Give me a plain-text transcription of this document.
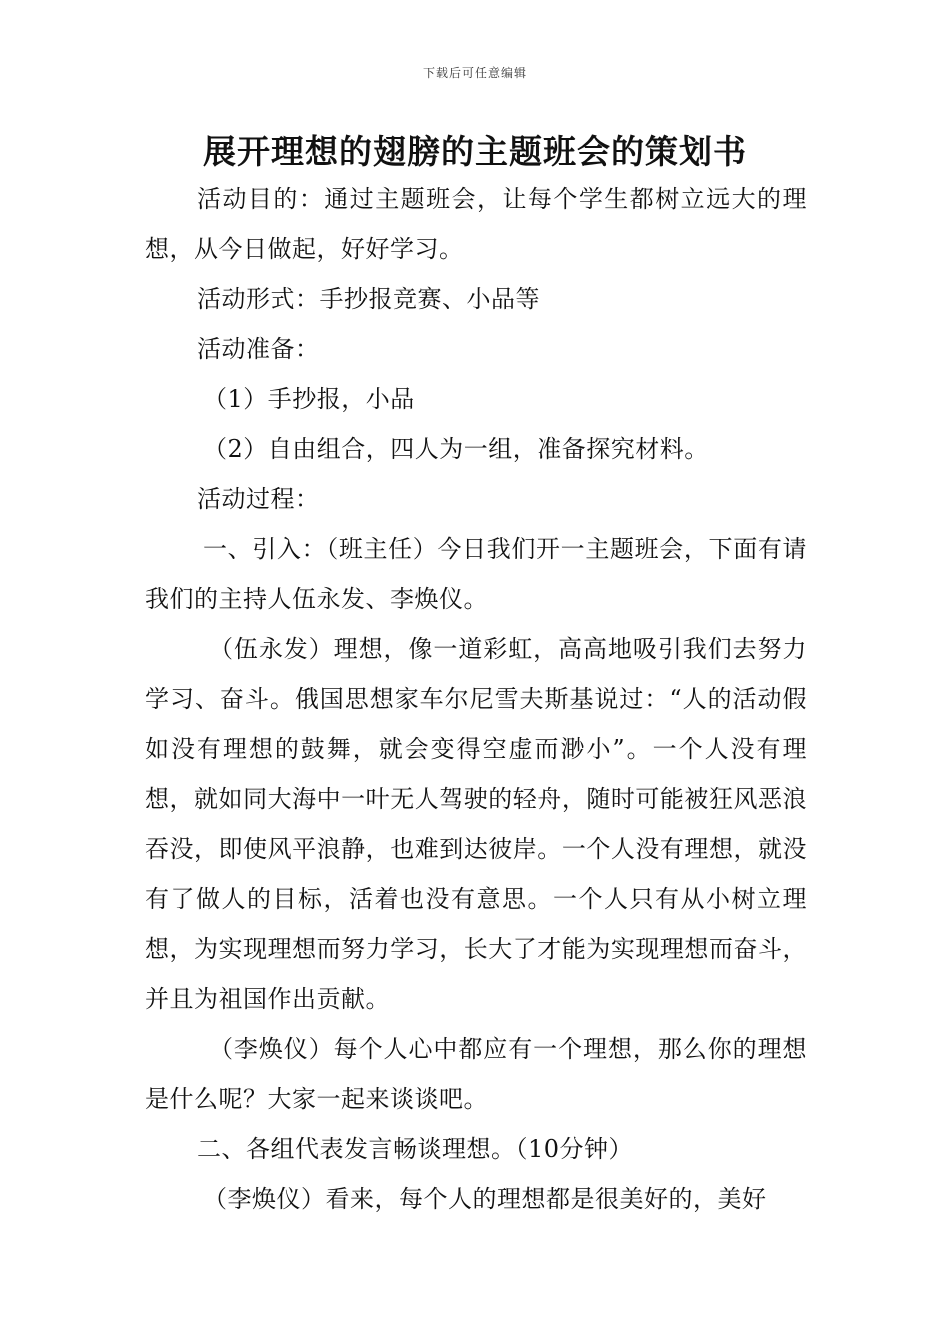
下载后可任意编辑
展开理想的翅膀的主题班会的策划书

活动目的：通过主题班会，让每个学生都树立远大的理想，从今日做起，好好学习。

活动形式：手抄报竞赛、小品等

活动准备：

（1）手抄报，小品

（2）自由组合，四人为一组，准备探究材料。

活动过程：

一、引入：（班主任）今日我们开一主题班会，下面有请我们的主持人伍永发、李焕仪。

（伍永发）理想，像一道彩虹，高高地吸引我们去努力学习、奋斗。俄国思想家车尔尼雪夫斯基说过：“人的活动假如没有理想的鼓舞，就会变得空虚而渺小”。一个人没有理想，就如同大海中一叶无人驾驶的轻舟，随时可能被狂风恶浪吞没，即使风平浪静，也难到达彼岸。一个人没有理想，就没有了做人的目标，活着也没有意思。一个人只有从小树立理想，为实现理想而努力学习，长大了才能为实现理想而奋斗，并且为祖国作出贡献。

（李焕仪）每个人心中都应有一个理想，那么你的理想是什么呢？大家一起来谈谈吧。

二、各组代表发言畅谈理想。（10分钟）

（李焕仪）看来，每个人的理想都是很美好的，美好
